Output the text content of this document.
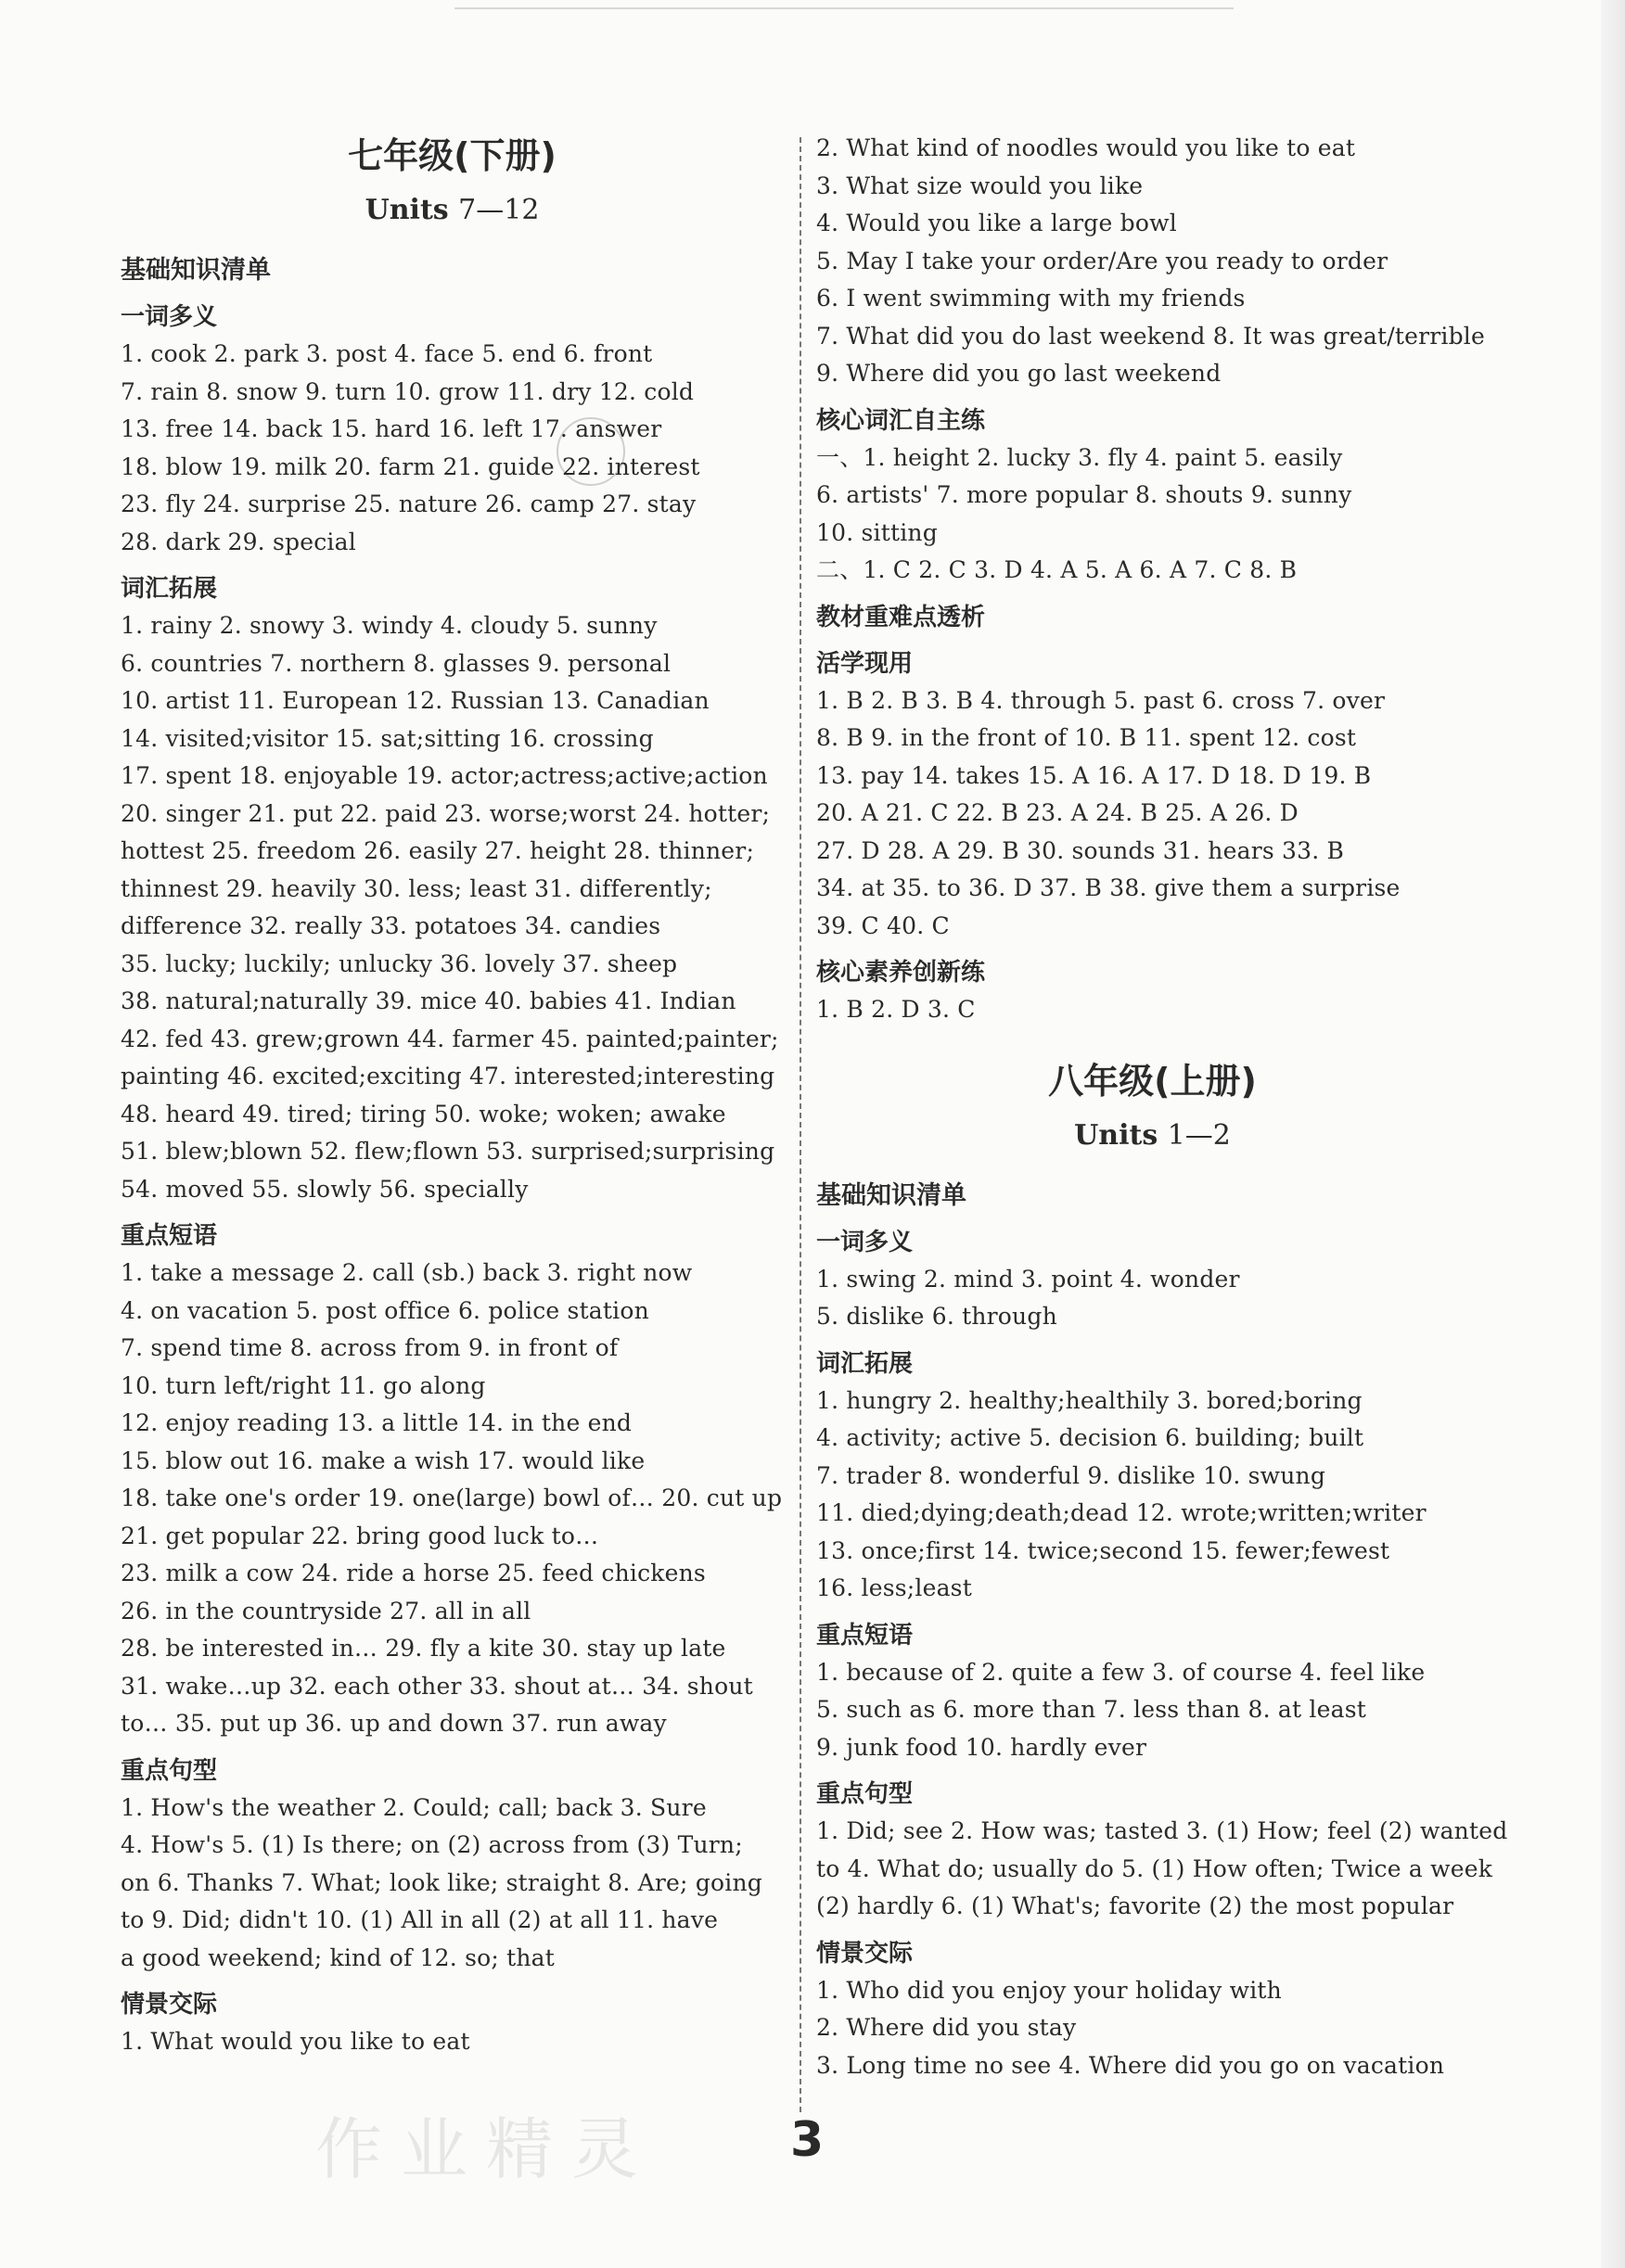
七年级(下册)
Units 7—12
基础知识清单
一词多义
1. cook 2. park 3. post 4. face 5. end 6. front
7. rain 8. snow 9. turn 10. grow 11. dry 12. cold
13. free 14. back 15. hard 16. left 17. answer
18. blow 19. milk 20. farm 21. guide 22. interest
23. fly 24. surprise 25. nature 26. camp 27. stay
28. dark 29. special
词汇拓展
1. rainy 2. snowy 3. windy 4. cloudy 5. sunny
6. countries 7. northern 8. glasses 9. personal
10. artist 11. European 12. Russian 13. Canadian
14. visited;visitor 15. sat;sitting 16. crossing
17. spent 18. enjoyable 19. actor;actress;active;action
20. singer 21. put 22. paid 23. worse;worst 24. hotter;
hottest 25. freedom 26. easily 27. height 28. thinner;
thinnest 29. heavily 30. less; least 31. differently;
difference 32. really 33. potatoes 34. candies
35. lucky; luckily; unlucky 36. lovely 37. sheep
38. natural;naturally 39. mice 40. babies 41. Indian
42. fed 43. grew;grown 44. farmer 45. painted;painter;
painting 46. excited;exciting 47. interested;interesting
48. heard 49. tired; tiring 50. woke; woken; awake
51. blew;blown 52. flew;flown 53. surprised;surprising
54. moved 55. slowly 56. specially
重点短语
1. take a message 2. call (sb.) back 3. right now
4. on vacation 5. post office 6. police station
7. spend time 8. across from 9. in front of
10. turn left/right 11. go along
12. enjoy reading 13. a little 14. in the end
15. blow out 16. make a wish 17. would like
18. take one's order 19. one(large) bowl of… 20. cut up
21. get popular 22. bring good luck to…
23. milk a cow 24. ride a horse 25. feed chickens
26. in the countryside 27. all in all
28. be interested in… 29. fly a kite 30. stay up late
31. wake…up 32. each other 33. shout at… 34. shout
to… 35. put up 36. up and down 37. run away
重点句型
1. How's the weather 2. Could; call; back 3. Sure
4. How's 5. (1) Is there; on (2) across from (3) Turn;
on 6. Thanks 7. What; look like; straight 8. Are; going
to 9. Did; didn't 10. (1) All in all (2) at all 11. have
a good weekend; kind of 12. so; that
情景交际
1. What would you like to eat
2. What kind of noodles would you like to eat
3. What size would you like
4. Would you like a large bowl
5. May I take your order/Are you ready to order
6. I went swimming with my friends
7. What did you do last weekend 8. It was great/terrible
9. Where did you go last weekend
核心词汇自主练
一、1. height 2. lucky 3. fly 4. paint 5. easily
6. artists' 7. more popular 8. shouts 9. sunny
10. sitting
二、1. C 2. C 3. D 4. A 5. A 6. A 7. C 8. B
教材重难点透析
活学现用
1. B 2. B 3. B 4. through 5. past 6. cross 7. over
8. B 9. in the front of 10. B 11. spent 12. cost
13. pay 14. takes 15. A 16. A 17. D 18. D 19. B
20. A 21. C 22. B 23. A 24. B 25. A 26. D
27. D 28. A 29. B 30. sounds 31. hears 33. B
34. at 35. to 36. D 37. B 38. give them a surprise
39. C 40. C
核心素养创新练
1. B 2. D 3. C
八年级(上册)
Units 1—2
基础知识清单
一词多义
1. swing 2. mind 3. point 4. wonder
5. dislike 6. through
词汇拓展
1. hungry 2. healthy;healthily 3. bored;boring
4. activity; active 5. decision 6. building; built
7. trader 8. wonderful 9. dislike 10. swung
11. died;dying;death;dead 12. wrote;written;writer
13. once;first 14. twice;second 15. fewer;fewest
16. less;least
重点短语
1. because of 2. quite a few 3. of course 4. feel like
5. such as 6. more than 7. less than 8. at least
9. junk food 10. hardly ever
重点句型
1. Did; see 2. How was; tasted 3. (1) How; feel (2) wanted
to 4. What do; usually do 5. (1) How often; Twice a week
(2) hardly 6. (1) What's; favorite (2) the most popular
情景交际
1. Who did you enjoy your holiday with
2. Where did you stay
3. Long time no see 4. Where did you go on vacation
作业精灵	3
